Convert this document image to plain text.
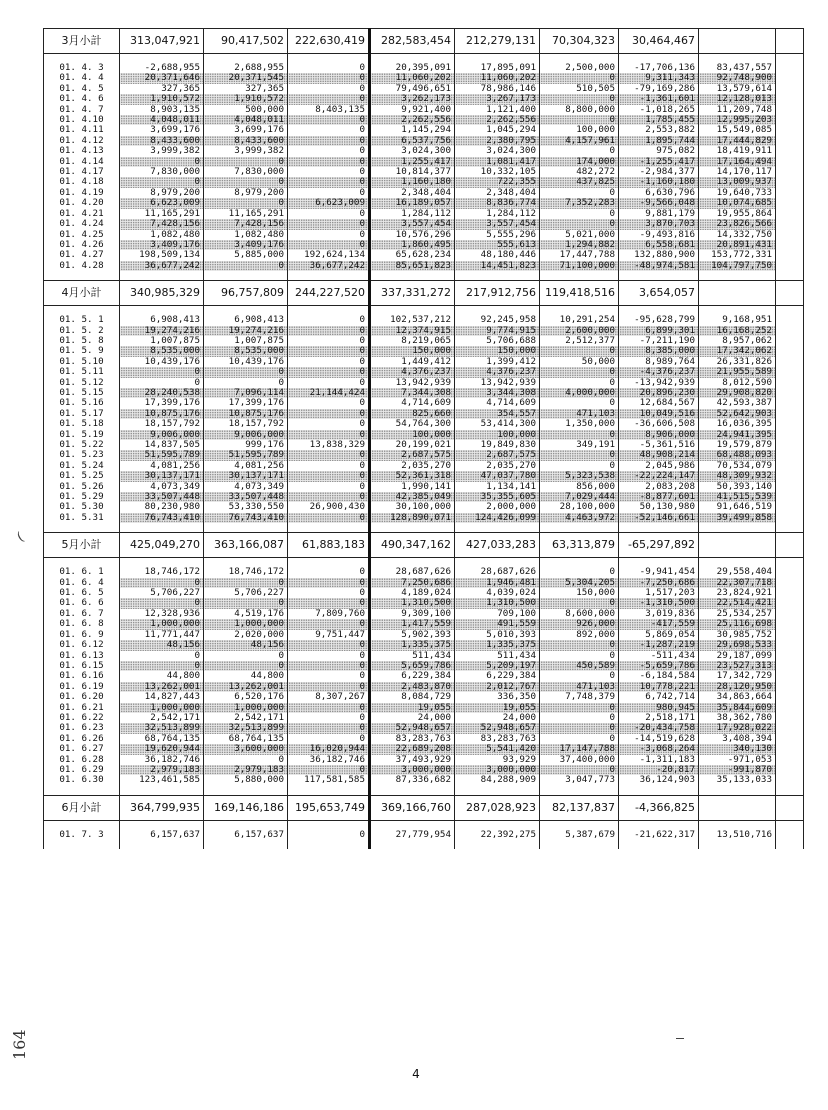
3月小計	313,047,921	90,417,502	222,630,419	282,583,454	212,279,131	70,304,323	30,464,467		

01. 4. 3	-2,688,955	2,688,955	0	20,395,091	17,895,091	2,500,000	-17,706,136	83,437,557	
01. 4. 4	20,371,646	20,371,545	0	11,060,202	11,060,202	0	9,311,343	92,748,900	
01. 4. 5	327,365	327,365	0	79,496,651	78,986,146	510,505	-79,169,286	13,579,614	
01. 4. 6	1,910,572	1,910,572	0	3,262,173	3,267,173	0	-1,361,601	12,128,013	
01. 4. 7	8,903,135	500,000	8,403,135	9,921,400	1,121,400	8,800,000	-1,018,265	11,209,748	
01. 4.10	4,048,011	4,048,011	0	2,262,556	2,262,556	0	1,785,455	12,995,203	
01. 4.11	3,699,176	3,699,176	0	1,145,294	1,045,294	100,000	2,553,882	15,549,085	
01. 4.12	8,433,600	8,433,600	0	6,537,756	2,380,795	4,157,961	1,895,744	17,444,829	
01. 4.13	3,999,382	3,999,382	0	3,024,300	3,024,300	0	975,082	18,419,911	
01. 4.14	0	0	0	1,255,417	1,081,417	174,000	-1,255,417	17,164,494	
01. 4.17	7,830,000	7,830,000	0	10,814,377	10,332,105	482,272	-2,984,377	14,170,117	
01. 4.18	0	0	0	1,160,180	722,355	437,825	-1,160,180	13,009,937	
01. 4.19	8,979,200	8,979,200	0	2,348,404	2,348,404	0	6,630,796	19,640,733	
01. 4.20	6,623,009	0	6,623,009	16,189,057	8,836,774	7,352,283	-9,566,048	10,074,685	
01. 4.21	11,165,291	11,165,291	0	1,284,112	1,284,112	0	9,881,179	19,955,864	
01. 4.24	7,428,156	7,428,156	0	3,557,454	3,557,454	0	3,870,703	23,826,566	
01. 4.25	1,082,480	1,082,480	0	10,576,296	5,555,296	5,021,000	-9,493,816	14,332,750	
01. 4.26	3,409,176	3,409,176	0	1,860,495	555,613	1,294,882	6,558,681	20,891,431	
01. 4.27	198,509,134	5,885,000	192,624,134	65,628,234	48,180,446	17,447,788	132,880,900	153,772,331	
01. 4.28	36,677,242	0	36,677,242	85,651,823	14,451,823	71,100,000	-48,974,581	104,797,750	

4月小計	340,985,329	96,757,809	244,227,520	337,331,272	217,912,756	119,418,516	3,654,057		

01. 5. 1	6,908,413	6,908,413	0	102,537,212	92,245,958	10,291,254	-95,628,799	9,168,951	
01. 5. 2	19,274,216	19,274,216	0	12,374,915	9,774,915	2,600,000	6,899,301	16,168,252	
01. 5. 8	1,007,875	1,007,875	0	8,219,065	5,706,688	2,512,377	-7,211,190	8,957,062	
01. 5. 9	8,535,000	8,535,000	0	150,000	150,000	0	8,385,000	17,342,062	
01. 5.10	10,439,176	10,439,176	0	1,449,412	1,399,412	50,000	8,989,764	26,331,826	
01. 5.11	0	0	0	4,376,237	4,376,237	0	-4,376,237	21,955,589	
01. 5.12	0	0	0	13,942,939	13,942,939	0	-13,942,939	8,012,590	
01. 5.15	28,240,538	7,096,114	21,144,424	7,344,308	3,344,308	4,000,000	20,896,230	29,908,820	
01. 5.16	17,399,176	17,399,176	0	4,714,609	4,714,609	0	12,684,567	42,593,387	
01. 5.17	10,875,176	10,875,176	0	825,660	354,557	471,103	10,049,516	52,642,903	
01. 5.18	18,157,792	18,157,792	0	54,764,300	53,414,300	1,350,000	-36,606,508	16,036,395	
01. 5.19	9,006,000	9,006,000	0	100,000	100,000	0	8,906,000	24,941,395	
01. 5.22	14,837,505	999,176	13,838,329	20,199,021	19,849,830	349,191	-5,361,516	19,579,879	
01. 5.23	51,595,789	51,595,789	0	2,687,575	2,687,575	0	48,908,214	68,488,093	
01. 5.24	4,081,256	4,081,256	0	2,035,270	2,035,270	0	2,045,986	70,534,079	
01. 5.25	30,137,171	30,137,171	0	52,361,318	47,037,780	5,323,538	-22,224,147	48,309,932	
01. 5.26	4,073,349	4,073,349	0	1,990,141	1,134,141	856,000	2,083,208	50,393,140	
01. 5.29	33,507,448	33,507,448	0	42,385,049	35,355,605	7,029,444	-8,877,601	41,515,539	
01. 5.30	80,230,980	53,330,550	26,900,430	30,100,000	2,000,000	28,100,000	50,130,980	91,646,519	
01. 5.31	76,743,410	76,743,410	0	128,890,071	124,426,099	4,463,972	-52,146,661	39,499,858	

5月小計	425,049,270	363,166,087	61,883,183	490,347,162	427,033,283	63,313,879	-65,297,892		

01. 6. 1	18,746,172	18,746,172	0	28,687,626	28,687,626	0	-9,941,454	29,558,404	
01. 6. 4	0	0	0	7,250,686	1,946,481	5,304,205	-7,250,686	22,307,718	
01. 6. 5	5,706,227	5,706,227	0	4,189,024	4,039,024	150,000	1,517,203	23,824,921	
01. 6. 6	0	0	0	1,310,500	1,310,500	0	-1,310,500	22,514,421	
01. 6. 7	12,328,936	4,519,176	7,809,760	9,309,100	709,100	8,600,000	3,019,836	25,534,257	
01. 6. 8	1,000,000	1,000,000	0	1,417,559	491,559	926,000	-417,559	25,116,698	
01. 6. 9	11,771,447	2,020,000	9,751,447	5,902,393	5,010,393	892,000	5,869,054	30,985,752	
01. 6.12	48,156	48,156	0	1,335,375	1,335,375	0	-1,287,219	29,698,533	
01. 6.13	0	0	0	511,434	511,434	0	-511,434	29,187,099	
01. 6.15	0	0	0	5,659,786	5,209,197	450,589	-5,659,786	23,527,313	
01. 6.16	44,800	44,800	0	6,229,384	6,229,384	0	-6,184,584	17,342,729	
01. 6.19	13,262,001	13,262,001	0	2,483,870	2,012,767	471,103	10,778,221	28,120,950	
01. 6.20	14,827,443	6,520,176	8,307,267	8,084,729	336,350	7,748,379	6,742,714	34,863,664	
01. 6.21	1,000,000	1,000,000	0	19,055	19,055	0	980,945	35,844,609	
01. 6.22	2,542,171	2,542,171	0	24,000	24,000	0	2,518,171	38,362,780	
01. 6.23	32,513,899	32,513,899	0	52,948,657	52,948,657	0	-20,434,758	17,928,022	
01. 6.26	68,764,135	68,764,135	0	83,283,763	83,283,763	0	-14,519,628	3,408,394	
01. 6.27	19,620,944	3,600,000	16,020,944	22,689,208	5,541,420	17,147,788	-3,068,264	340,130	
01. 6.28	36,182,746	0	36,182,746	37,493,929	93,929	37,400,000	-1,311,183	-971,053	
01. 6.29	2,979,183	2,979,183	0	3,000,000	3,000,000	0	-20,817	-991,870	
01. 6.30	123,461,585	5,880,000	117,581,585	87,336,682	84,288,909	3,047,773	36,124,903	35,133,033	

6月小計	364,799,935	169,146,186	195,653,749	369,166,760	287,028,923	82,137,837	-4,366,825		

01. 7. 3	6,157,637	6,157,637	0	27,779,954	22,392,275	5,387,679	-21,622,317	13,510,716	

(
4
164
